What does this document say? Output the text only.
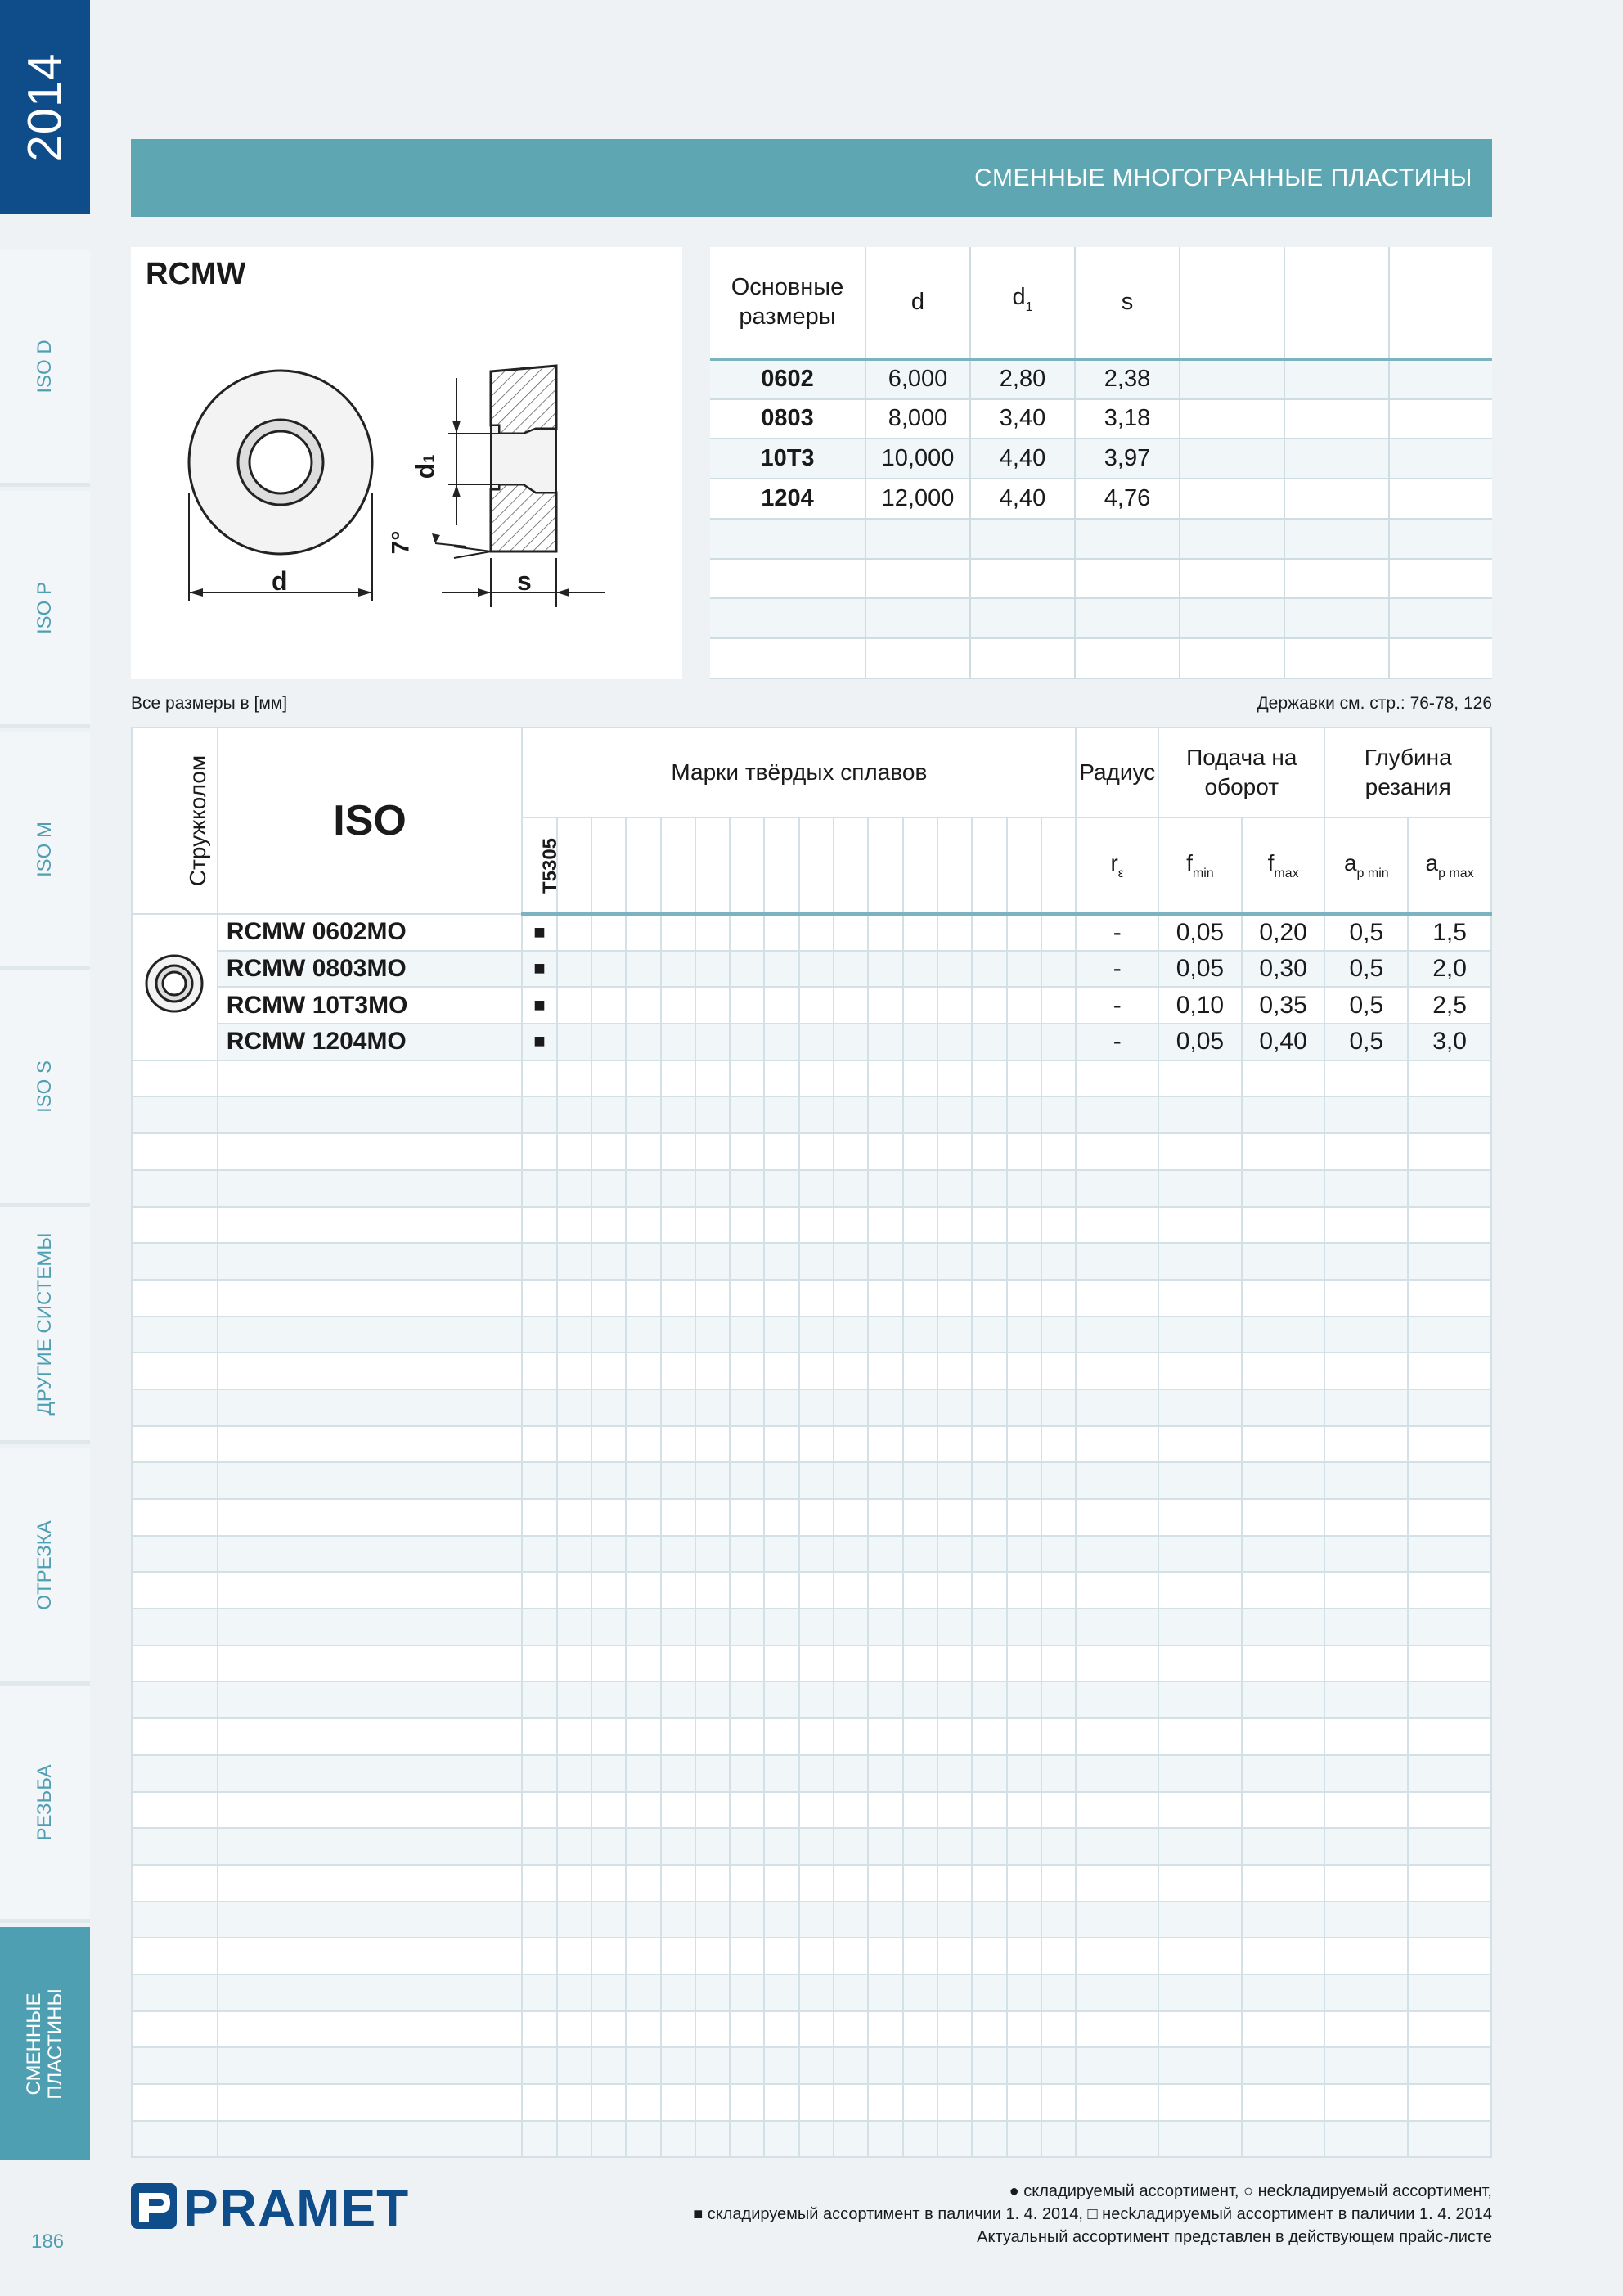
2014
ISO D
ISO P
ISO M
ISO S
ДРУГИЕ СИСТЕМЫ
ОТРЕЗКА
РЕЗЬБА
СМЕННЫЕ ПЛАСТИНЫ
186
СМЕННЫЕ МНОГОГРАННЫЕ ПЛАСТИНЫ
RCMW
d	s
d1
7°
Основные размеры	d	$d_1$	s			
0602	6,000	2,80	2,38			
0803	8,000	3,40	3,18			
10T3	10,000	4,40	3,97			
1204	12,000	4,40	4,76			

Все размеры в [мм]	Державки см. стр.: 76-78, 126
Стружколом	ISO	Марки твёрдых сплавов																Радиус	Подача на оборот		Глубина резания	
		T5305																$r_\varepsilon$	$f_{min}$	$f_{max}$	$a_{p min}$	$a_{p max}$
	RCMW 0602MO	■																-	0,05	0,20	0,5	1,5
	RCMW 0803MO	■																-	0,05	0,30	0,5	2,0
	RCMW 10T3MO	■																-	0,10	0,35	0,5	2,5
	RCMW 1204MO	■																-	0,05	0,40	0,5	3,0

PRAMET	● складируемый ассортимент, ○ несkладируемый ассортимент,
■ складируемый ассортимент в паличии 1. 4. 2014, □ несkладируемый ассортимент в паличии 1. 4. 2014
Актуальный ассортимент представлен в действующем прайс-листе
